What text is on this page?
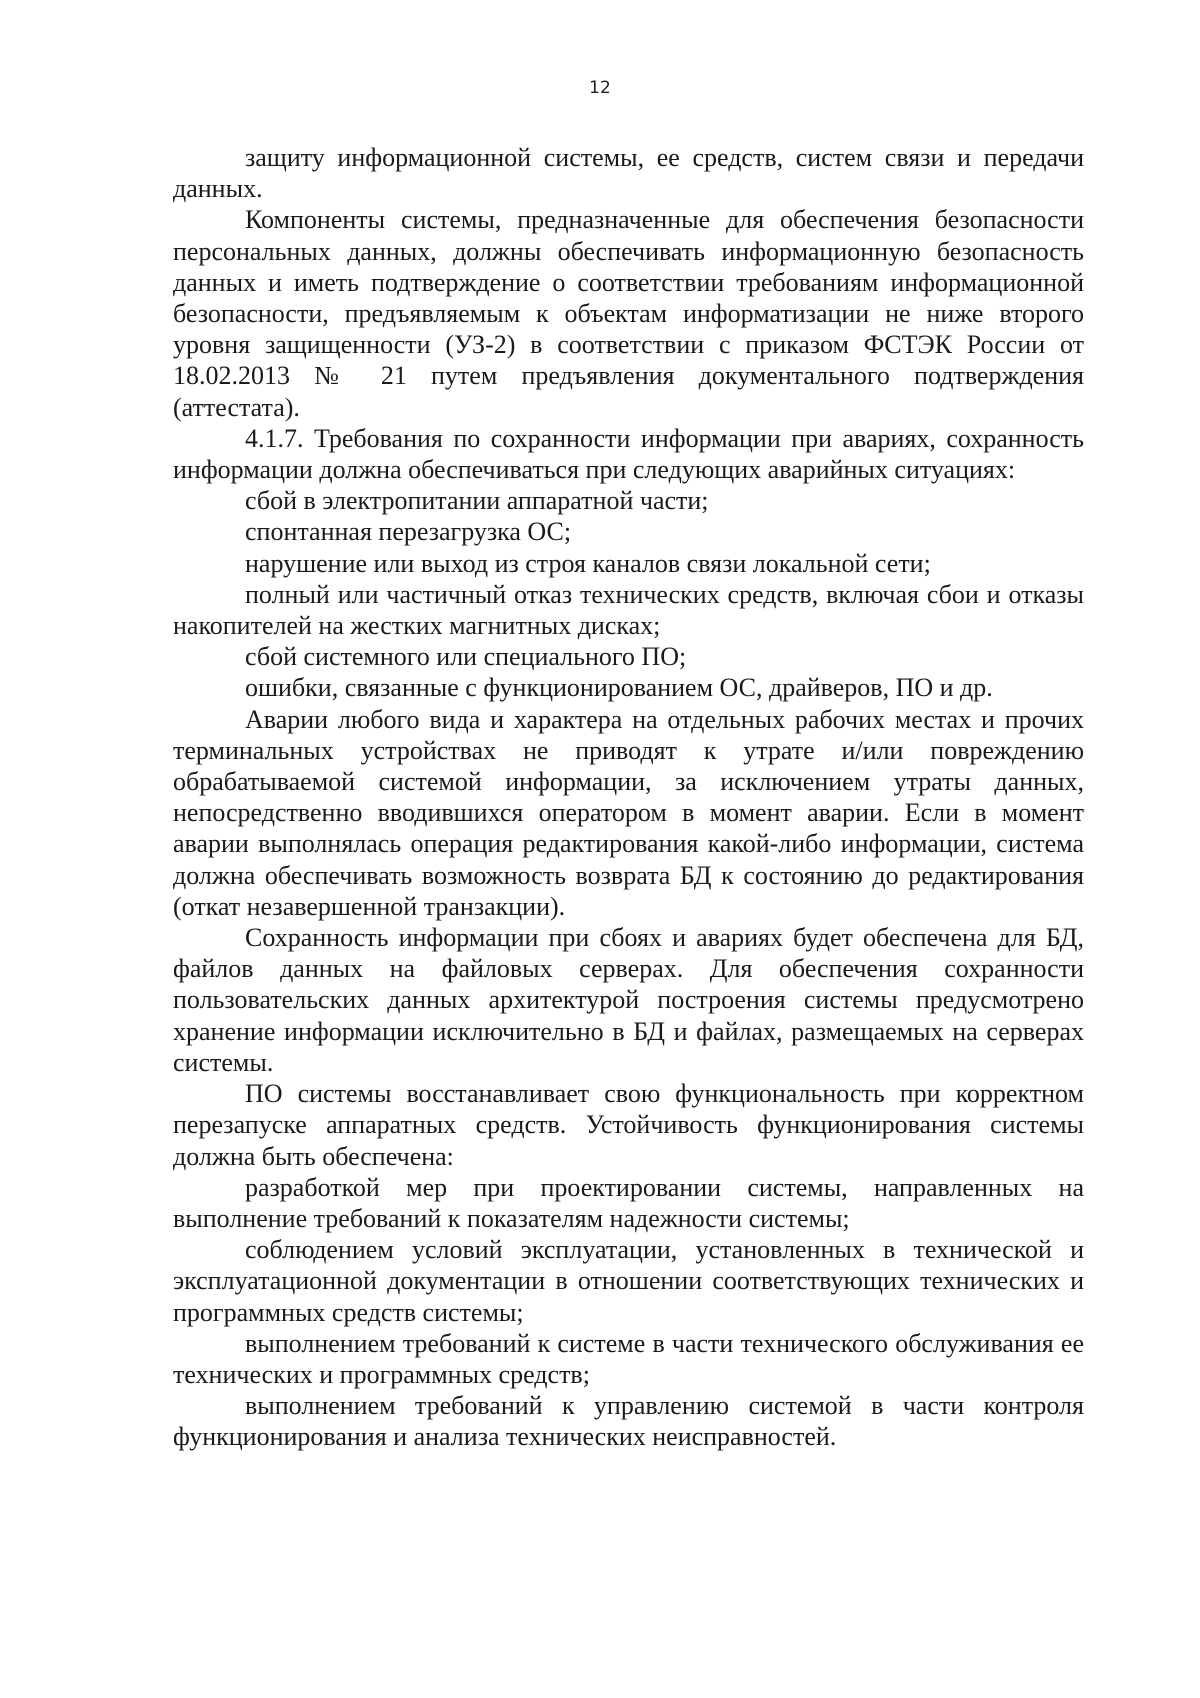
12

защиту информационной системы, ее средств, систем связи и передачи данных.

Компоненты системы, предназначенные для обеспечения безопасности персональных данных, должны обеспечивать информационную безопасность данных и иметь подтверждение о соответствии требованиям информационной безопасности, предъявляемым к объектам информатизации не ниже второго уровня защищенности (УЗ-2) в соответствии с приказом ФСТЭК России от 18.02.2013 № 21 путем предъявления документального подтверждения (аттестата).

4.1.7. Требования по сохранности информации при авариях, сохранность информации должна обеспечиваться при следующих аварийных ситуациях:

сбой в электропитании аппаратной части;

спонтанная перезагрузка ОС;

нарушение или выход из строя каналов связи локальной сети;

полный или частичный отказ технических средств, включая сбои и отказы накопителей на жестких магнитных дисках;

сбой системного или специального ПО;

ошибки, связанные с функционированием ОС, драйверов, ПО и др.

Аварии любого вида и характера на отдельных рабочих местах и прочих терминальных устройствах не приводят к утрате и/или повреждению обрабатываемой системой информации, за исключением утраты данных, непосредственно вводившихся оператором в момент аварии. Если в момент аварии выполнялась операция редактирования какой-либо информации, система должна обеспечивать возможность возврата БД к состоянию до редактирования (откат незавершенной транзакции).

Сохранность информации при сбоях и авариях будет обеспечена для БД, файлов данных на файловых серверах. Для обеспечения сохранности пользовательских данных архитектурой построения системы предусмотрено хранение информации исключительно в БД и файлах, размещаемых на серверах системы.

ПО системы восстанавливает свою функциональность при корректном перезапуске аппаратных средств. Устойчивость функционирования системы должна быть обеспечена:

разработкой мер при проектировании системы, направленных на выполнение требований к показателям надежности системы;

соблюдением условий эксплуатации, установленных в технической и эксплуатационной документации в отношении соответствующих технических и программных средств системы;

выполнением требований к системе в части технического обслуживания ее технических и программных средств;

выполнением требований к управлению системой в части контроля функционирования и анализа технических неисправностей.
